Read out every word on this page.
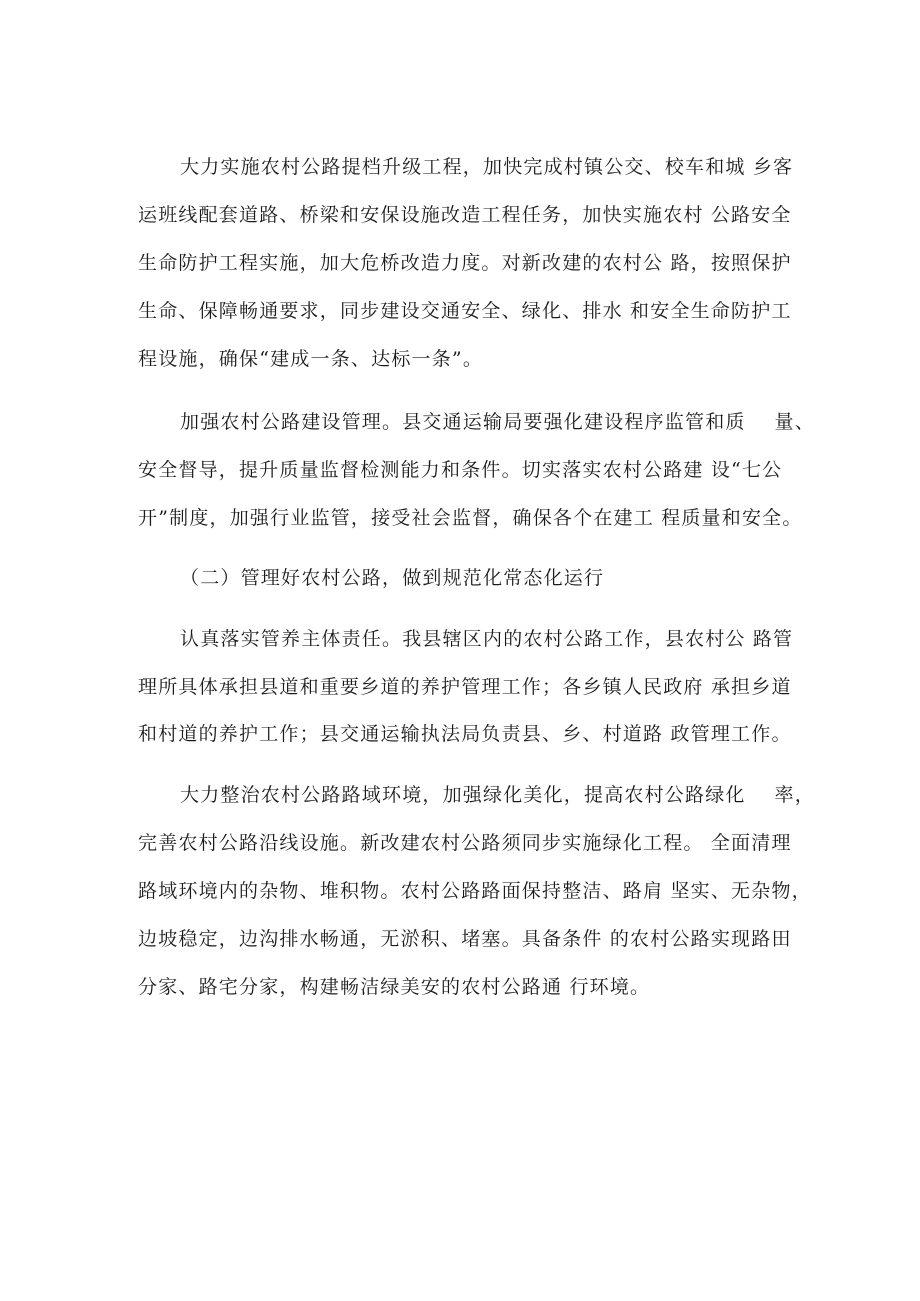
大力实施农村公路提档升级工程，加快完成村镇公交、校车和城 乡客
运班线配套道路、桥梁和安保设施改造工程任务，加快实施农村 公路安全
生命防护工程实施，加大危桥改造力度。对新改建的农村公 路，按照保护
生命、保障畅通要求，同步建设交通安全、绿化、排水 和安全生命防护工
程设施，确保“建成一条、达标一条”。
加强农村公路建设管理。县交通运输局要强化建设程序监管和质    量、
安全督导，提升质量监督检测能力和条件。切实落实农村公路建 设“七公
开”制度，加强行业监管，接受社会监督，确保各个在建工 程质量和安全。
（二）管理好农村公路，做到规范化常态化运行
认真落实管养主体责任。我县辖区内的农村公路工作，县农村公 路管
理所具体承担县道和重要乡道的养护管理工作；各乡镇人民政府 承担乡道
和村道的养护工作；县交通运输执法局负责县、乡、村道路 政管理工作。
大力整治农村公路路域环境，加强绿化美化，提高农村公路绿化    率，
完善农村公路沿线设施。新改建农村公路须同步实施绿化工程。 全面清理
路域环境内的杂物、堆积物。农村公路路面保持整洁、路肩 坚实、无杂物，
边坡稳定，边沟排水畅通，无淤积、堵塞。具备条件 的农村公路实现路田
分家、路宅分家，构建畅洁绿美安的农村公路通 行环境。
